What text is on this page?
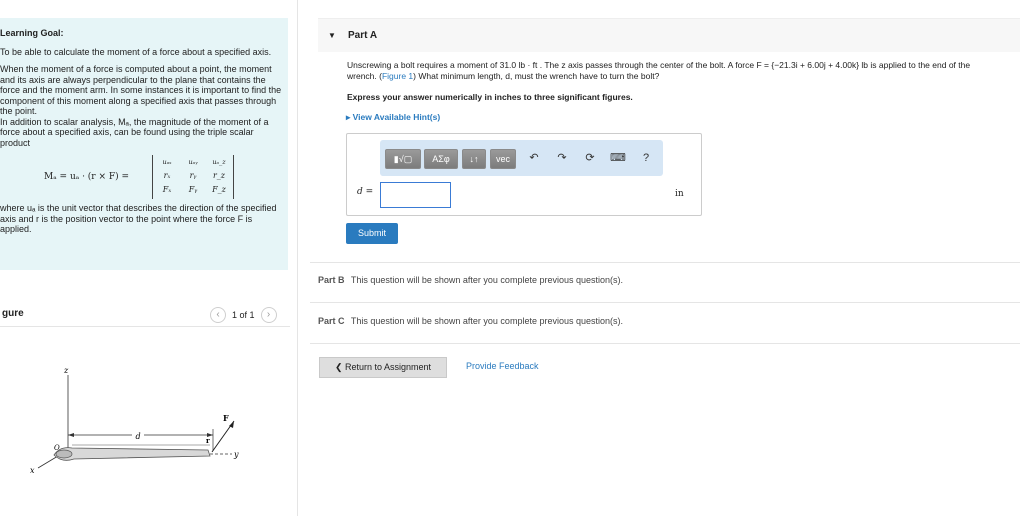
Learning Goal:

To be able to calculate the moment of a force about a specified axis.

When the moment of a force is computed about a point, the moment and its axis are always perpendicular to the plane that contains the force and the moment arm. In some instances it is important to find the component of this moment along a specified axis that passes through the point.

In addition to scalar analysis, Mₐ, the magnitude of the moment of a force about a specified axis, can be found using the triple scalar product

Mₐ = uₐ · (r × F) =
uₐₓ	uₐᵧ	uₐ_z
rₓ	rᵧ	r_z
Fₓ	Fᵧ	F_z

where uₐ is the unit vector that describes the direction of the specified axis and r is the position vector to the point where the force F is applied.

gure	‹	1 of 1	›
z
x
y
d
O
r
F
▼ Part A
Unscrewing a bolt requires a moment of 31.0 lb · ft . The z axis passes through the center of the bolt. A force F = {−21.3i + 6.00j + 4.00k} lb is applied to the end of the wrench. (Figure 1) What minimum length, d, must the wrench have to turn the bolt?
Express your answer numerically in inches to three significant figures.
▸ View Available Hint(s)
▮√▢	AΣφ	↓↑	vec	↶	↷	⟳	⌨	?
d =	in
Submit
Part B This question will be shown after you complete previous question(s).
Part C This question will be shown after you complete previous question(s).
❮ Return to Assignment	Provide Feedback
